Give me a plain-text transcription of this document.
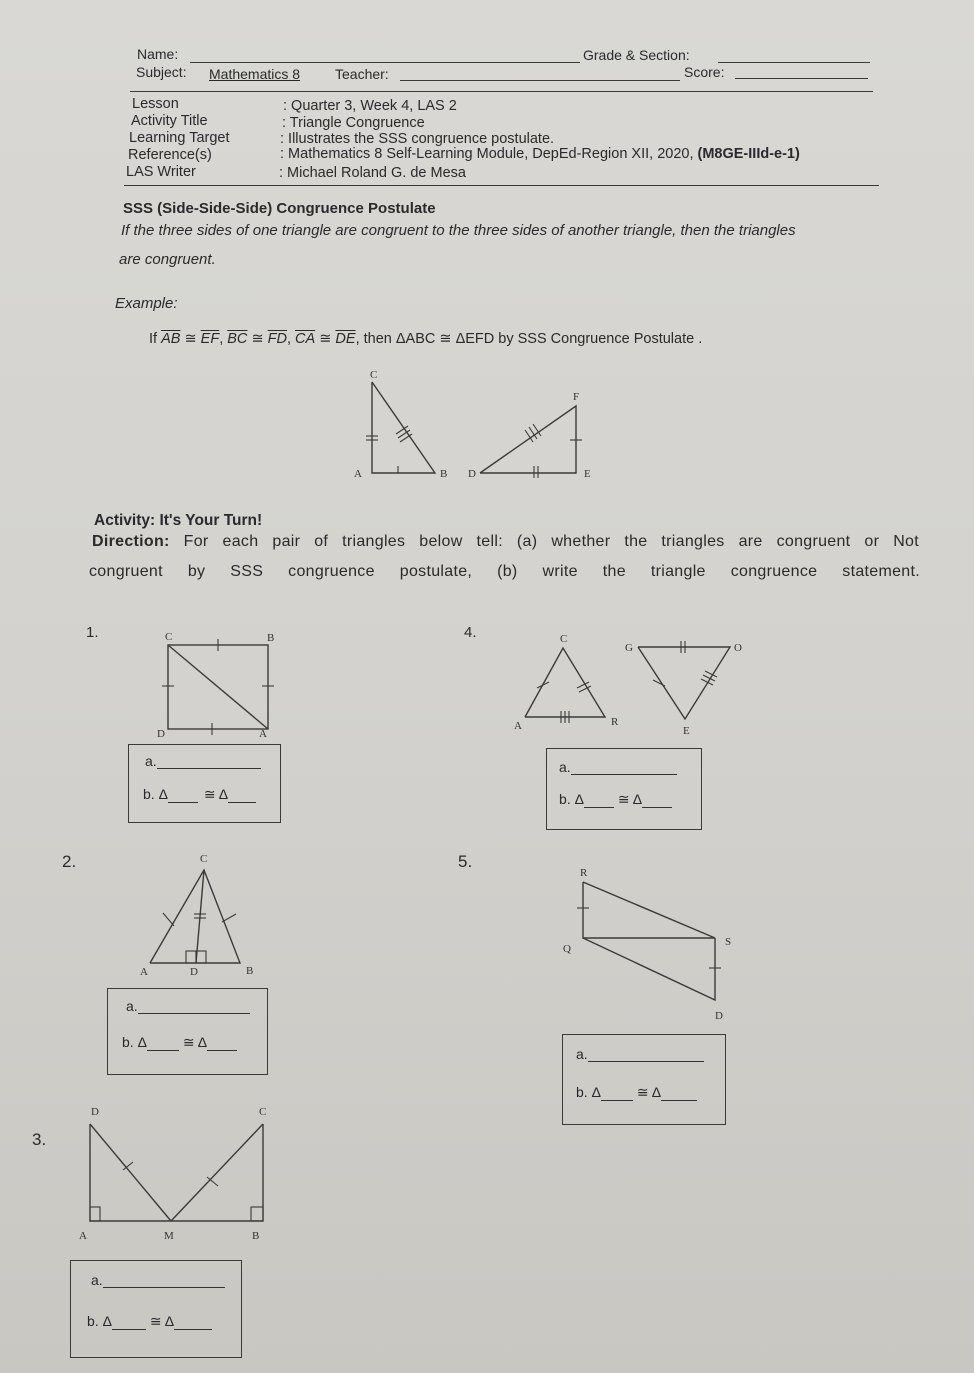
Name:	Grade & Section:
Subject: Mathematics 8 Teacher:	Score:
Lesson	: Quarter 3, Week 4, LAS 2
Activity Title	: Triangle Congruence
Learning Target	: Illustrates the SSS congruence postulate.
Reference(s)	: Mathematics 8 Self-Learning Module, DepEd-Region XII, 2020, (M8GE-IIId-e-1)
LAS Writer	: Michael Roland G. de Mesa
SSS (Side-Side-Side) Congruence Postulate
If the three sides of one triangle are congruent to the three sides of another triangle, then the triangles
are congruent.
Example:
If $\overline{AB}$ ≅ $\overline{EF}$, $\overline{BC}$ ≅ $\overline{FD}$, $\overline{CA}$ ≅ $\overline{DE}$, then ΔABC ≅ ΔEFD by SSS Congruence Postulate .
C
A	B
F
D	E
Activity: It's Your Turn!
Direction: For each pair of triangles below tell: (a) whether the triangles are congruent or Not
congruent by SSS congruence postulate, (b) write the triangle congruence statement.
1.	C	B
D	A
a.
b. Δ	≅ Δ
2.	C
A	D	B
a.
b. Δ	≅ Δ
3.
D	C
A	M	B
a.
b. Δ	≅ Δ
4.	C
A	R
G	O
E
a.
b. Δ ≅ Δ
5.
R
Q
S
D
a.
b. Δ	≅ Δ
